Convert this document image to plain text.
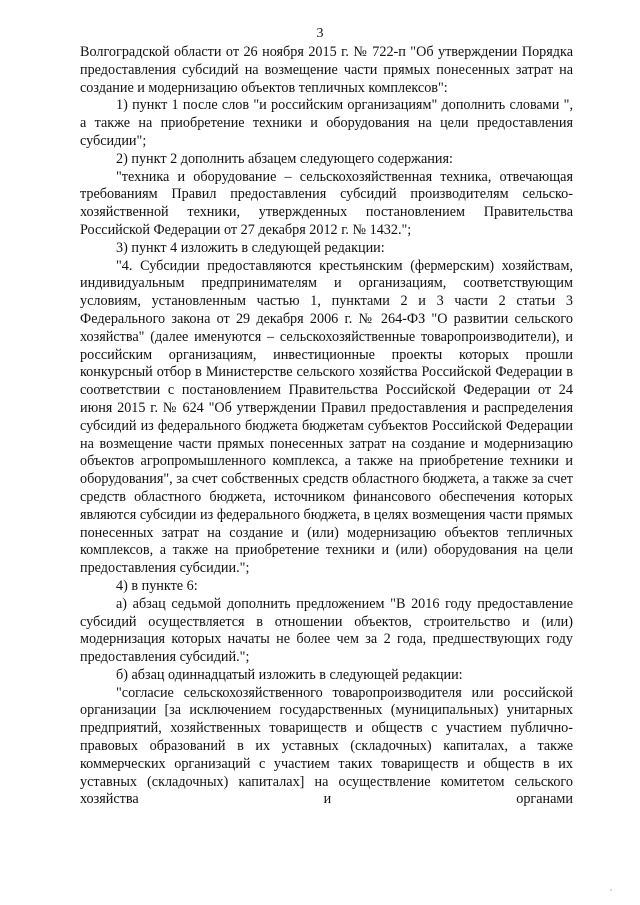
3

Волгоградской области от 26 ноября 2015 г. № 722-п "Об утверждении Порядка предоставления субсидий на возмещение части прямых понесенных затрат на создание и модернизацию объектов тепличных комплексов":

1) пункт 1 после слов "и российским организациям" дополнить словами ", а также на приобретение техники и оборудования на цели предоставления субсидии";

2) пункт 2 дополнить абзацем следующего содержания:

"техника и оборудование – сельскохозяйственная техника, отвечающая требованиям Правил предоставления субсидий производителям сельско-хозяйственной техники, утвержденных постановлением Правительства Российской Федерации от 27 декабря 2012 г. № 1432.";

3) пункт 4 изложить в следующей редакции:

"4. Субсидии предоставляются крестьянским (фермерским) хозяйствам, индивидуальным предпринимателям и организациям, соответствующим условиям, установленным частью 1, пунктами 2 и 3 части 2 статьи 3 Федерального закона от 29 декабря 2006 г. № 264-ФЗ "О развитии сельского хозяйства" (далее именуются – сельскохозяйственные товаропроизводители), и российским организациям, инвестиционные проекты которых прошли конкурсный отбор в Министерстве сельского хозяйства Российской Федерации в соответствии с постановлением Правительства Российской Федерации от 24 июня 2015 г. № 624 "Об утверждении Правил предоставления и распределения субсидий из федерального бюджета бюджетам субъектов Российской Федерации на возмещение части прямых понесенных затрат на создание и модернизацию объектов агропромышленного комплекса, а также на приобретение техники и оборудования", за счет собственных средств областного бюджета, а также за счет средств областного бюджета, источником финансового обеспечения которых являются субсидии из федерального бюджета, в целях возмещения части прямых понесенных затрат на создание и (или) модернизацию объектов тепличных комплексов, а также на приобретение техники и (или) оборудования на цели предоставления субсидии.";

4) в пункте 6:

а) абзац седьмой дополнить предложением "В 2016 году предоставление субсидий осуществляется в отношении объектов, строительство и (или) модернизация которых начаты не более чем за 2 года, предшествующих году предоставления субсидий.";

б) абзац одиннадцатый изложить в следующей редакции:

"согласие сельскохозяйственного товаропроизводителя или российской организации [за исключением государственных (муниципальных) унитарных предприятий, хозяйственных товариществ и обществ с участием публично-правовых образований в их уставных (складочных) капиталах, а также коммерческих организаций с участием таких товариществ и обществ в их уставных (складочных) капиталах] на осуществление комитетом сельского хозяйства и органами
